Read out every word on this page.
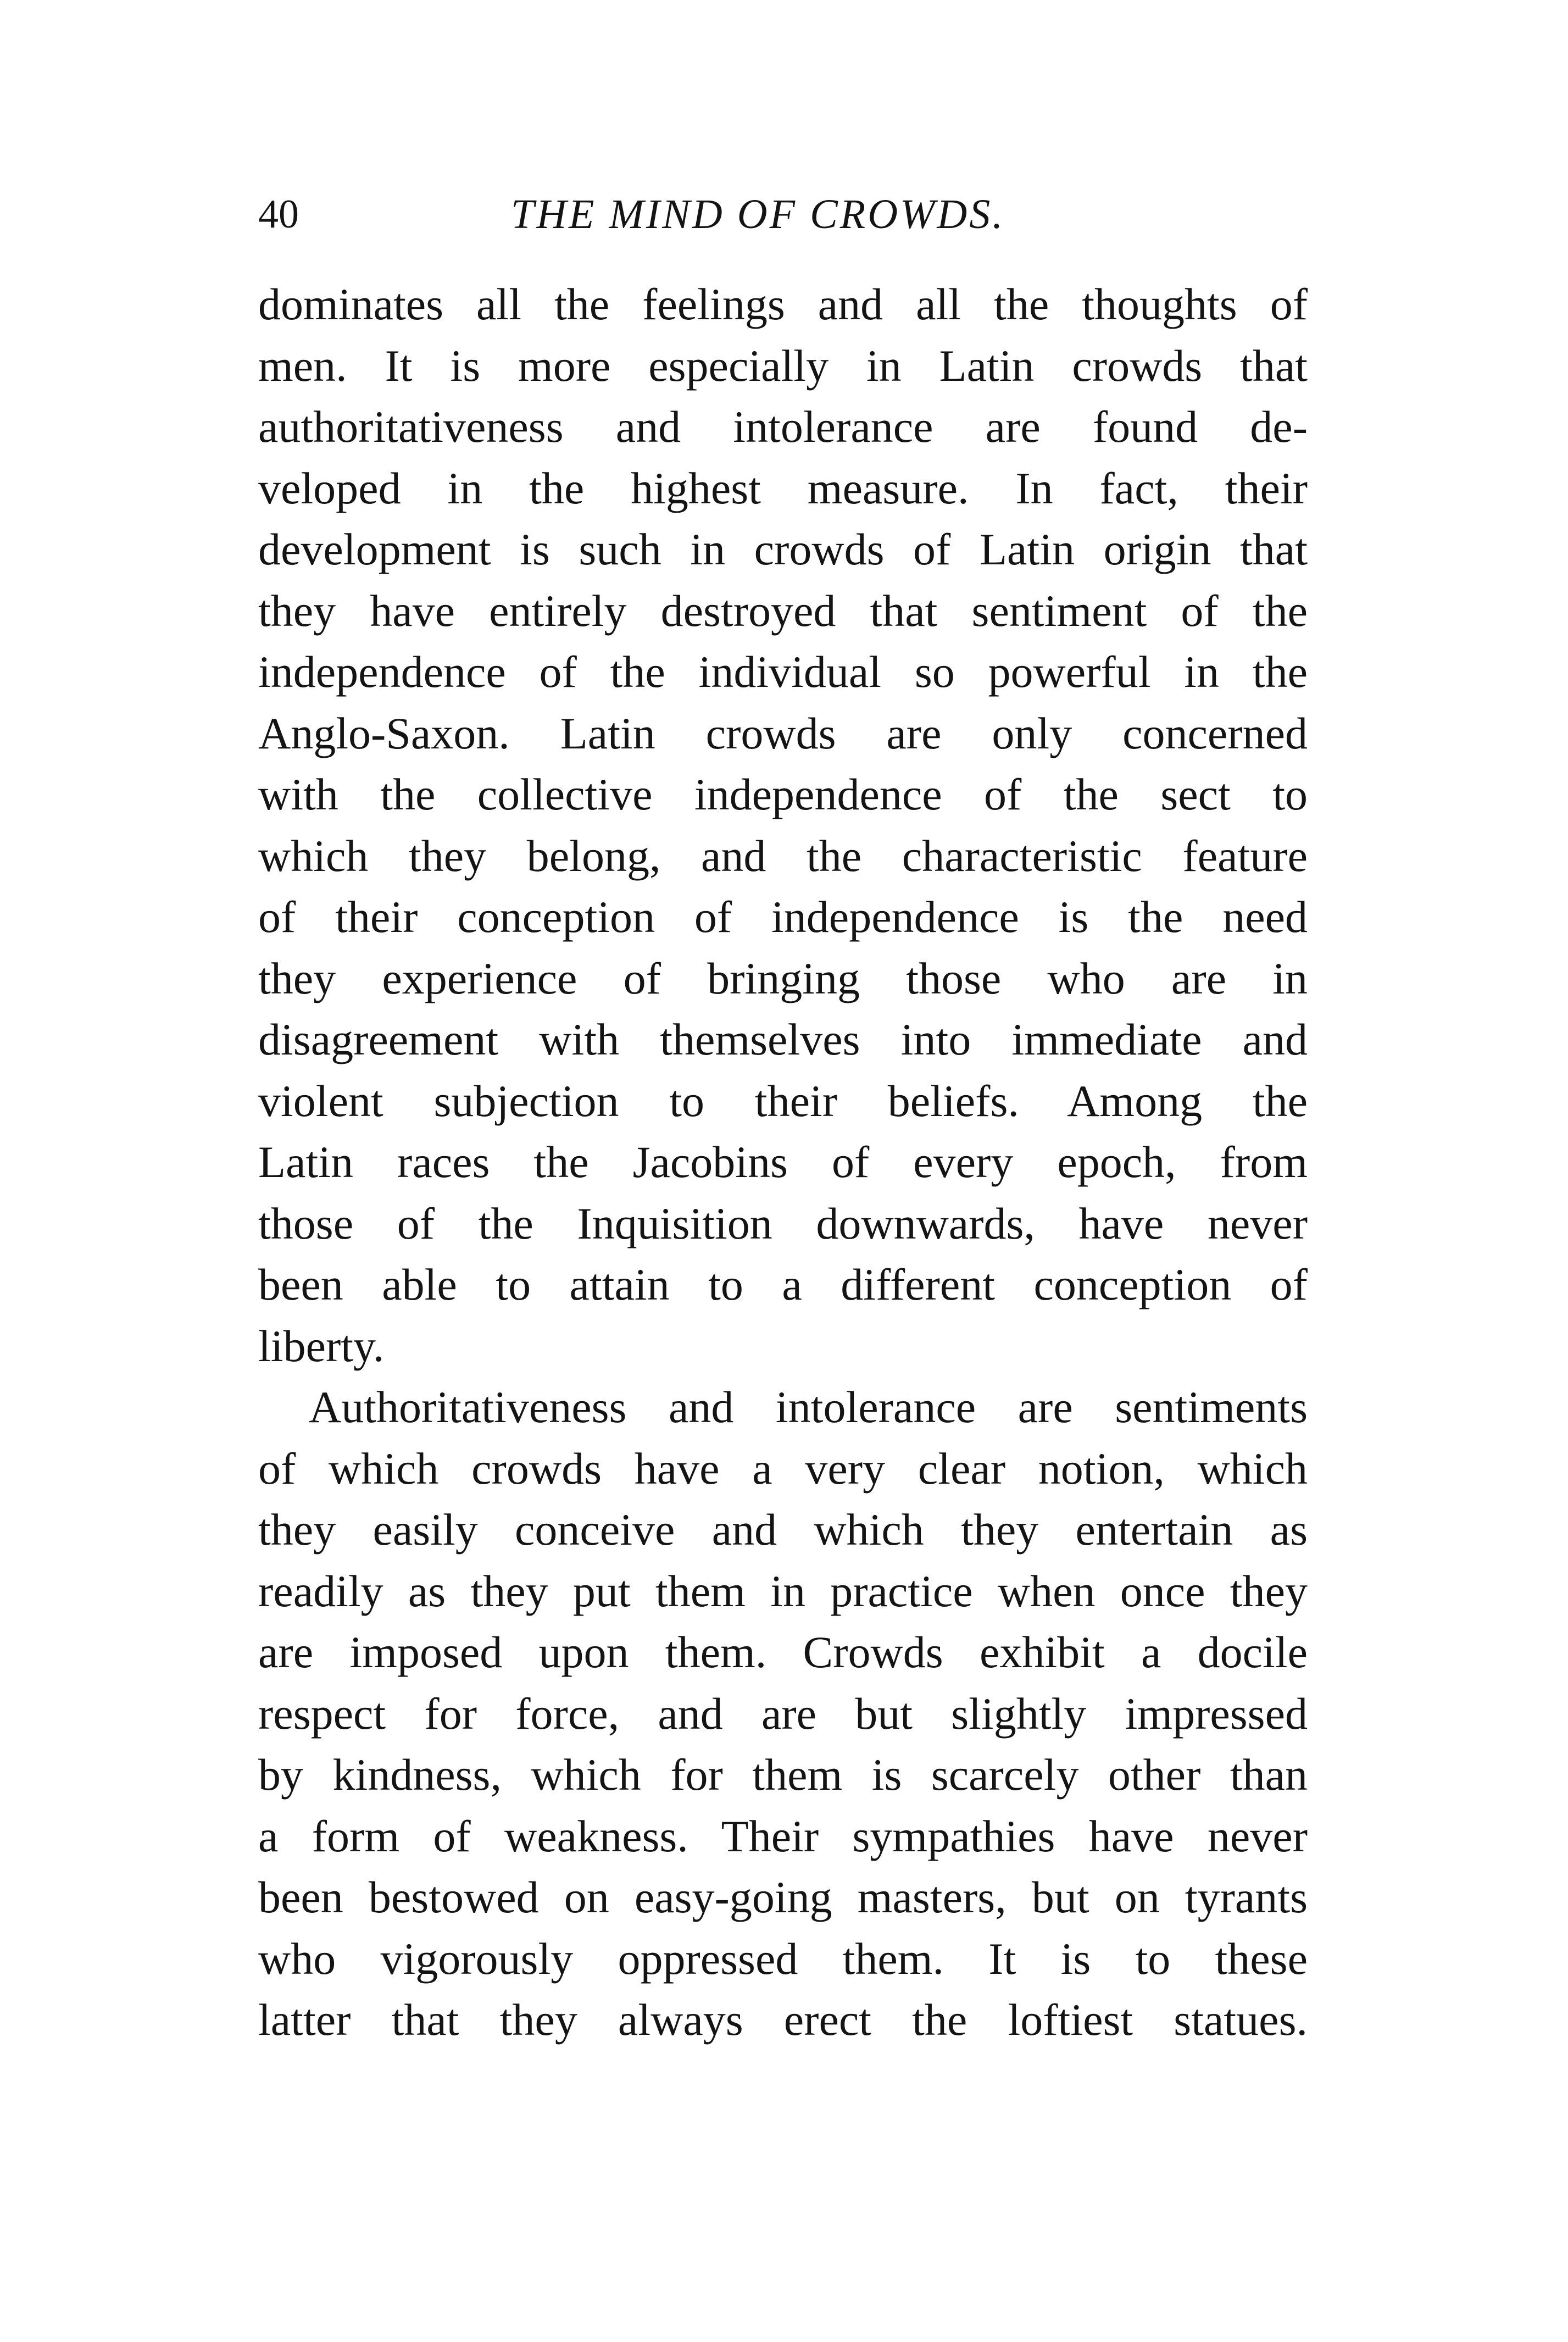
40	THE MIND OF CROWDS.
dominates all the feelings and all the thoughts of
men. It is more especially in Latin crowds that
authoritativeness and intolerance are found de-
veloped in the highest measure. In fact, their
development is such in crowds of Latin origin that
they have entirely destroyed that sentiment of the
independence of the individual so powerful in the
Anglo-Saxon. Latin crowds are only concerned
with the collective independence of the sect to
which they belong, and the characteristic feature
of their conception of independence is the need
they experience of bringing those who are in
disagreement with themselves into immediate and
violent subjection to their beliefs. Among the
Latin races the Jacobins of every epoch, from
those of the Inquisition downwards, have never
been able to attain to a different conception of
liberty.
Authoritativeness and intolerance are sentiments
of which crowds have a very clear notion, which
they easily conceive and which they entertain as
readily as they put them in practice when once they
are imposed upon them. Crowds exhibit a docile
respect for force, and are but slightly impressed
by kindness, which for them is scarcely other than
a form of weakness. Their sympathies have never
been bestowed on easy-going masters, but on tyrants
who vigorously oppressed them. It is to these
latter that they always erect the loftiest statues.
